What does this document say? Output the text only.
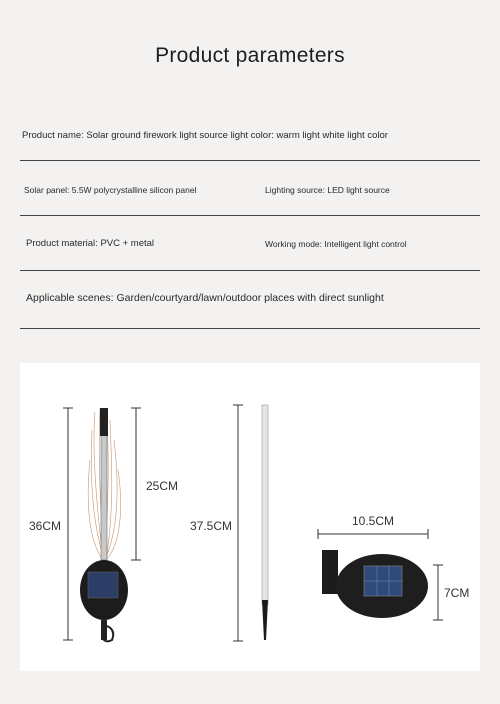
Product parameters
Product name: Solar ground firework light source light color: warm light white light color
Solar panel: 5.5W polycrystalline silicon panel	Lighting source: LED light source
Product material: PVC + metal	Working mode: Intelligent light control
Applicable scenes: Garden/courtyard/lawn/outdoor places with direct sunlight
36CM
25CM
37.5CM	10.5CM
7CM
